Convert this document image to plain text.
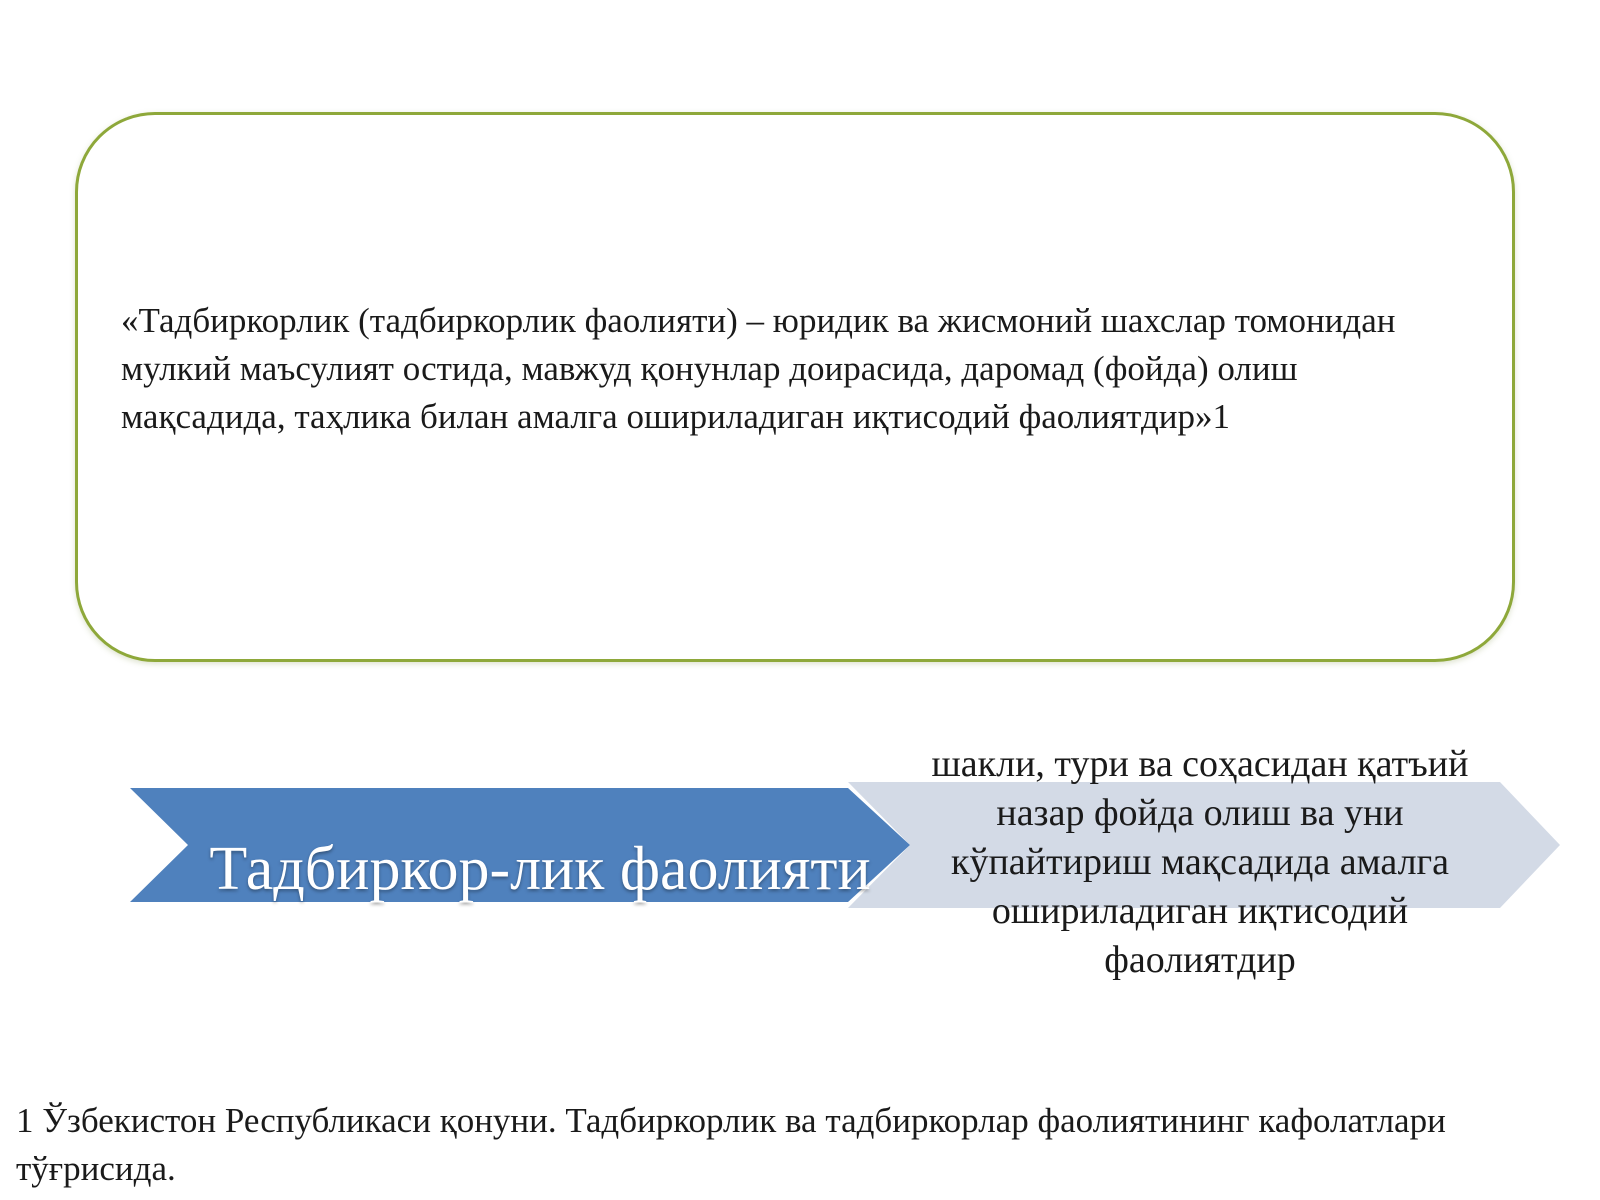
«Тадбиркорлик (тадбиркорлик фаолияти) – юридик ва жисмоний шахслар томонидан мулкий маъсулият остида, мавжуд қонунлар доирасида, даромад (фойда) олиш мақсадида, таҳлика билан амалга ошириладиган иқтисодий фаолиятдир»1

Тадбиркор-лик фаолияти
шакли, тури ва соҳасидан қатъий назар фойда олиш ва уни кўпайтириш мақсадида амалга ошириладиган иқтисодий фаолиятдир

1 Ўзбекистон Республикаси қонуни. Тадбиркорлик ва тадбиркорлар фаолиятининг кафолатлари тўғрисида.
